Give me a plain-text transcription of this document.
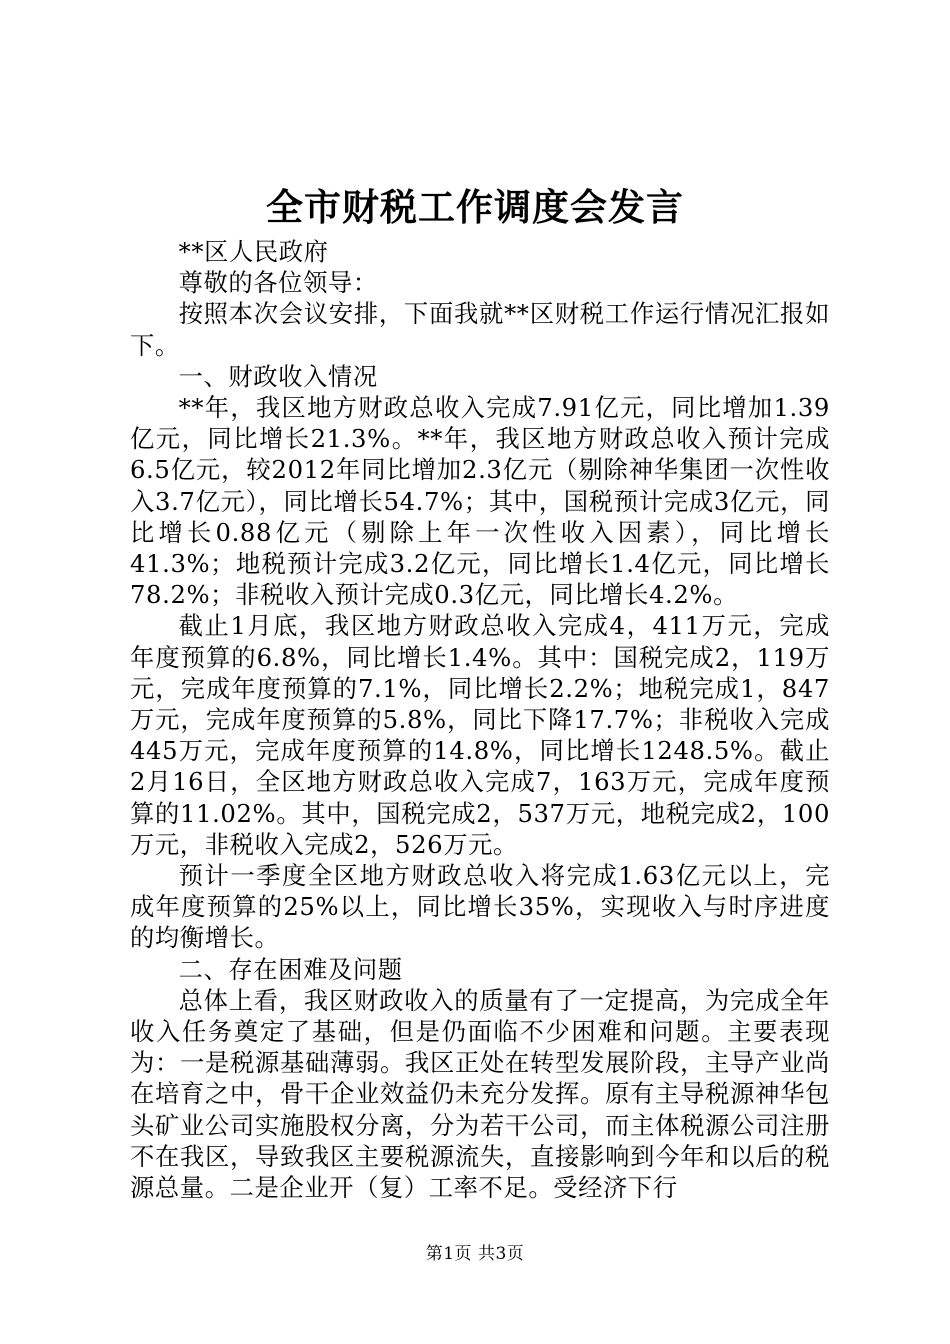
全市财税工作调度会发言

**区人民政府

尊敬的各位领导：

按照本次会议安排，下面我就**区财税工作运行情况汇报如下。

一、财政收入情况

**年，我区地方财政总收入完成7.91亿元，同比增加1.39亿元，同比增长21.3%。**年，我区地方财政总收入预计完成6.5亿元，较2012年同比增加2.3亿元（剔除神华集团一次性收入3.7亿元），同比增长54.7%；其中，国税预计完成3亿元，同比增长0.88亿元（剔除上年一次性收入因素），同比增长41.3%；地税预计完成3.2亿元，同比增长1.4亿元，同比增长78.2%；非税收入预计完成0.3亿元，同比增长4.2%。

截止1月底，我区地方财政总收入完成4，411万元，完成年度预算的6.8%，同比增长1.4%。其中：国税完成2，119万元，完成年度预算的7.1%，同比增长2.2%；地税完成1，847万元，完成年度预算的5.8%，同比下降17.7%；非税收入完成445万元，完成年度预算的14.8%，同比增长1248.5%。截止2月16日，全区地方财政总收入完成7，163万元，完成年度预算的11.02%。其中，国税完成2，537万元，地税完成2，100万元，非税收入完成2，526万元。

预计一季度全区地方财政总收入将完成1.63亿元以上，完成年度预算的25%以上，同比增长35%，实现收入与时序进度的均衡增长。

二、存在困难及问题

总体上看，我区财政收入的质量有了一定提高，为完成全年收入任务奠定了基础，但是仍面临不少困难和问题。主要表现为：一是税源基础薄弱。我区正处在转型发展阶段，主导产业尚在培育之中，骨干企业效益仍未充分发挥。原有主导税源神华包头矿业公司实施股权分离，分为若干公司，而主体税源公司注册不在我区，导致我区主要税源流失，直接影响到今年和以后的税源总量。二是企业开（复）工率不足。受经济下行

第1页 共3页
